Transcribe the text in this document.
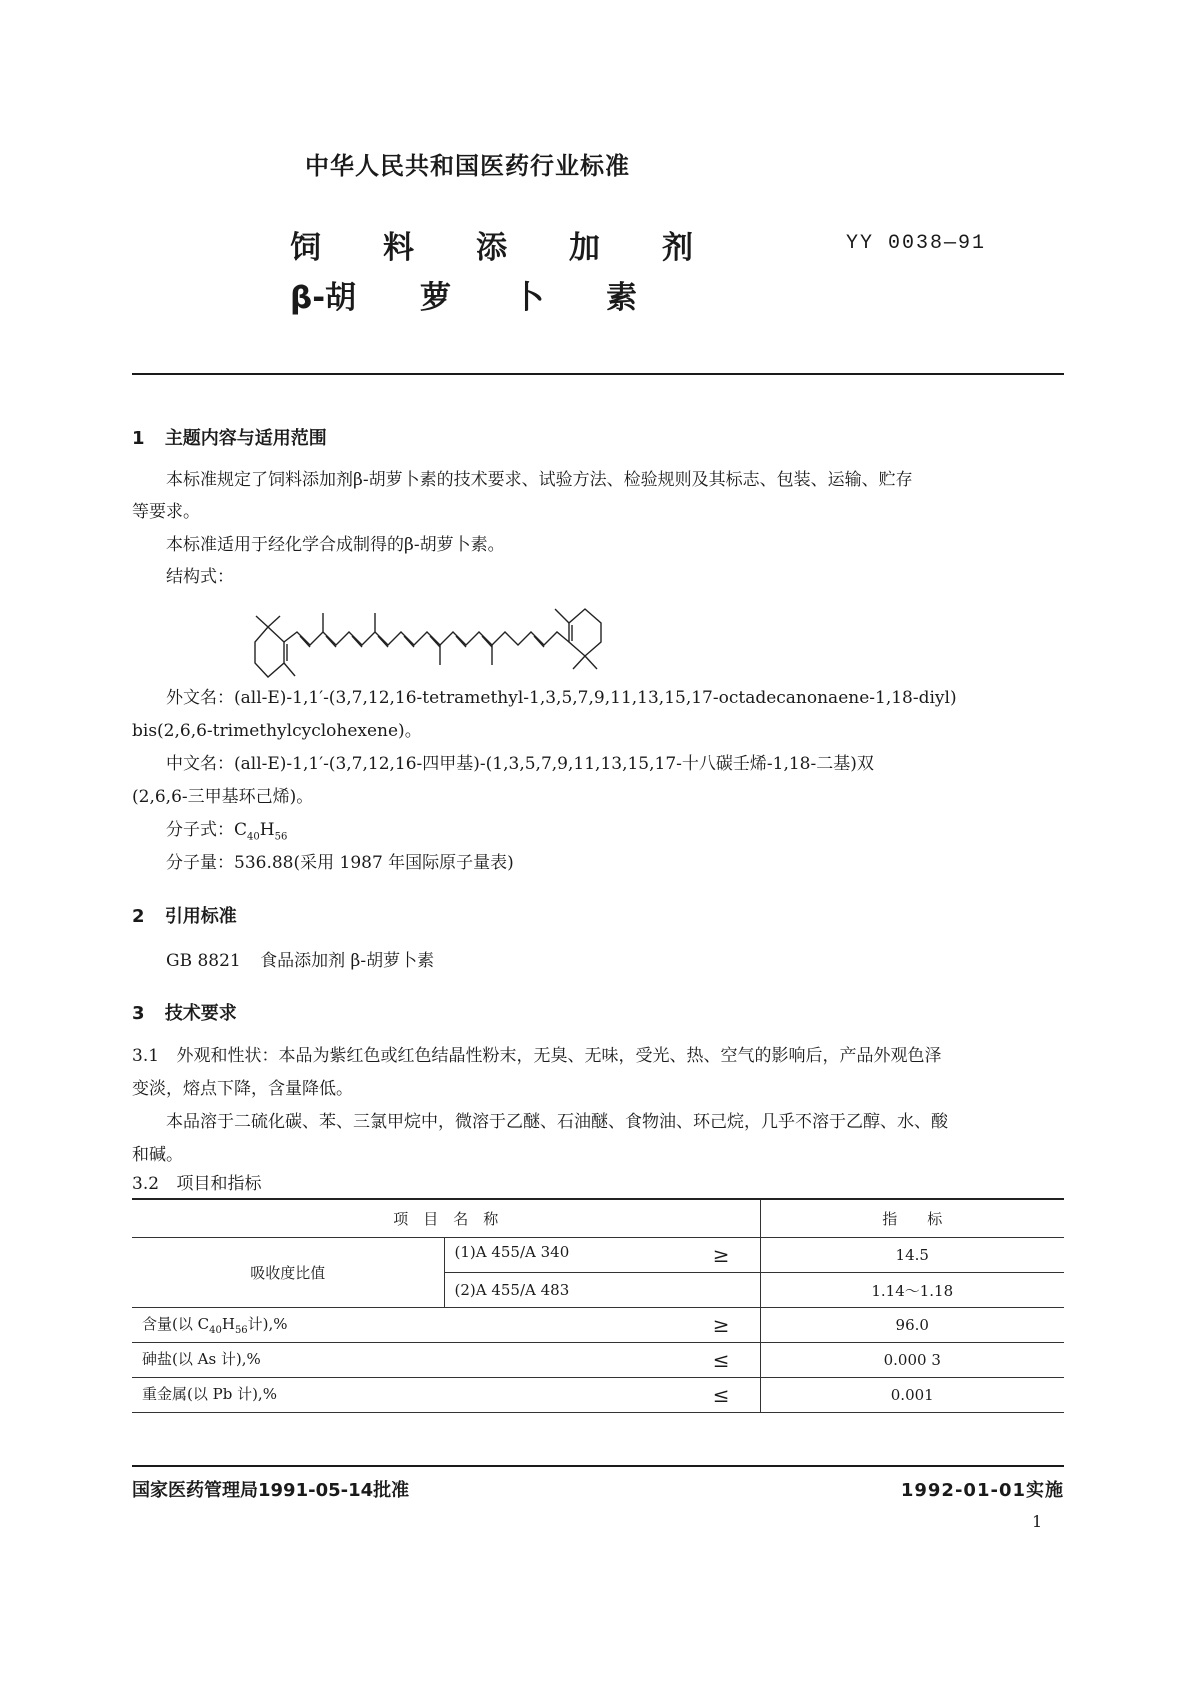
中华人民共和国医药行业标准
饲 料 添 加 剂
β-胡 萝 卜 素
YY 0038—91
1 主题内容与适用范围
本标准规定了饲料添加剂β-胡萝卜素的技术要求、试验方法、检验规则及其标志、包装、运输、贮存
等要求。
本标准适用于经化学合成制得的β-胡萝卜素。
结构式：
外文名：(all-E)-1,1′-(3,7,12,16-tetramethyl-1,3,5,7,9,11,13,15,17-octadecanonaene-1,18-diyl)
bis(2,6,6-trimethylcyclohexene)。
中文名：(all-E)-1,1′-(3,7,12,16-四甲基)-(1,3,5,7,9,11,13,15,17-十八碳壬烯-1,18-二基)双
(2,6,6-三甲基环己烯)。
分子式：$C_{40}H_{56}$
分子量：536.88(采用 1987 年国际原子量表)
2 引用标准
GB 8821 食品添加剂 β-胡萝卜素
3 技术要求
3.1 外观和性状：本品为紫红色或红色结晶性粉末，无臭、无味，受光、热、空气的影响后，产品外观色泽
变淡，熔点下降，含量降低。
本品溶于二硫化碳、苯、三氯甲烷中，微溶于乙醚、石油醚、食物油、环己烷，几乎不溶于乙醇、水、酸
和碱。
3.2 项目和指标
项　目　名　称		指　　标
吸收度比值	(1)A 455/A 340 ≥	14.5
	(2)A 455/A 483	1.14～1.18
含量(以 $C_{40}H_{56}$计),% ≥		96.0
砷盐(以 As 计),% ≤		0.000 3
重金属(以 Pb 计),% ≤		0.001
国家医药管理局1991-05-14批准	1992-01-01实施
1
